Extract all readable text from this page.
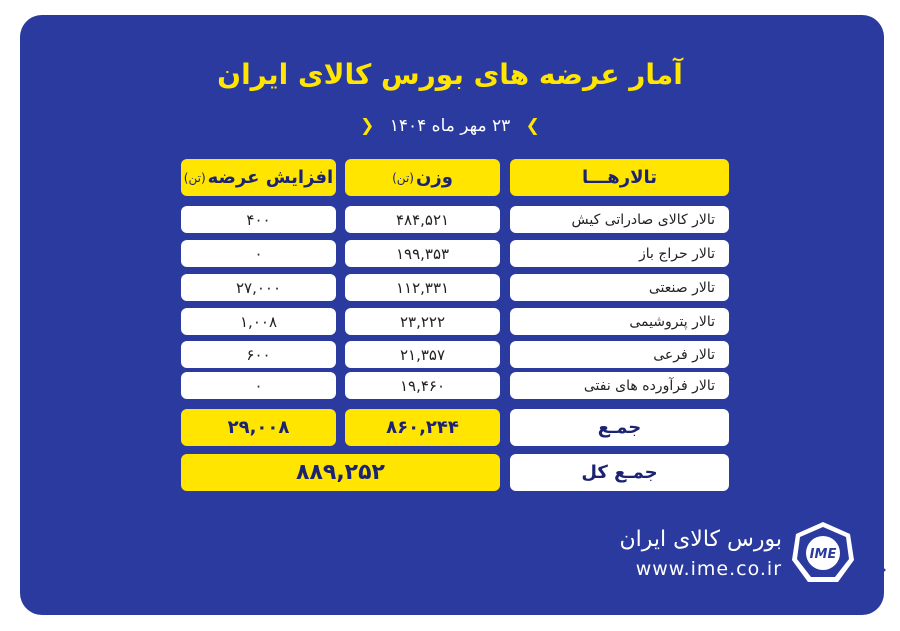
آمار عرضه های بورس کالای ایران
❯ ۲۳ مهر ماه ۱۴۰۴ ❮
تالارهـــا
وزن
(تن)
افزایش عرضه
(تن)
تالار کالای صادراتی کیش
۴۸۴,۵۲۱
۴۰۰
تالار حراج باز
۱۹۹,۳۵۳
۰
تالار صنعتی
۱۱۲,۳۳۱
۲۷,۰۰۰
تالار پتروشیمی
۲۳,۲۲۲
۱,۰۰۸
تالار فرعی
۲۱,۳۵۷
۶۰۰
تالار فرآورده های نفتی
۱۹,۴۶۰
۰
جمـع
۸۶۰,۲۴۴
۲۹,۰۰۸
جمـع کل
۸۸۹,۲۵۲
بورس کالای ایران
www.ime.co.ir
IME
